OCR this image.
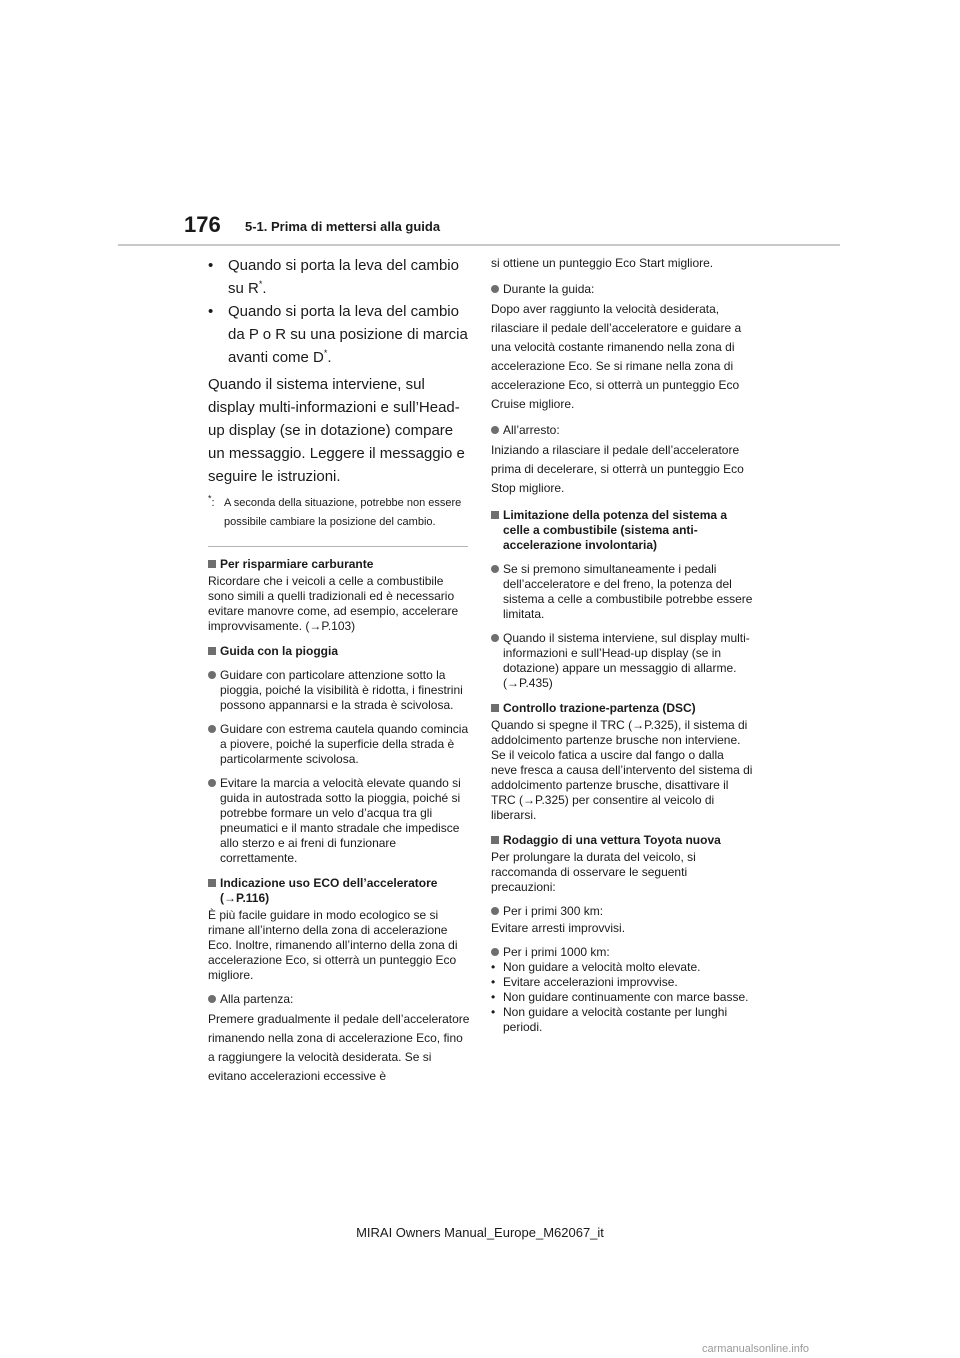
176 5-1. Prima di mettersi alla guida
• Quando si porta la leva del cambio su R*.
• Quando si porta la leva del cambio da P o R su una posizione di marcia avanti come D*.

Quando il sistema interviene, sul display multi-informazioni e sull’Head-up display (se in dotazione) compare un messaggio. Leggere il messaggio e seguire le istruzioni.

*: A seconda della situazione, potrebbe non essere possibile cambiare la posizione del cambio.
Per risparmiare carburante
Ricordare che i veicoli a celle a combustibile sono simili a quelli tradizionali ed è necessario evitare manovre come, ad esempio, accelerare improvvisamente. (→P.103)
Guida con la pioggia
Guidare con particolare attenzione sotto la pioggia, poiché la visibilità è ridotta, i finestrini possono appannarsi e la strada è scivolosa.
Guidare con estrema cautela quando comincia a piovere, poiché la superficie della strada è particolarmente scivolosa.
Evitare la marcia a velocità elevate quando si guida in autostrada sotto la pioggia, poiché si potrebbe formare un velo d’acqua tra gli pneumatici e il manto stradale che impedisce allo sterzo e ai freni di funzionare correttamente.
Indicazione uso ECO dell’acceleratore (→P.116)
È più facile guidare in modo ecologico se si rimane all’interno della zona di accelerazione Eco. Inoltre, rimanendo all’interno della zona di accelerazione Eco, si otterrà un punteggio Eco migliore.
Alla partenza:
Premere gradualmente il pedale dell’acceleratore rimanendo nella zona di accelerazione Eco, fino a raggiungere la velocità desiderata. Se si evitano accelerazioni eccessive è
si ottiene un punteggio Eco Start migliore.
Durante la guida:
Dopo aver raggiunto la velocità desiderata, rilasciare il pedale dell’acceleratore e guidare a una velocità costante rimanendo nella zona di accelerazione Eco. Se si rimane nella zona di accelerazione Eco, si otterrà un punteggio Eco Cruise migliore.
All’arresto:
Iniziando a rilasciare il pedale dell’acceleratore prima di decelerare, si otterrà un punteggio Eco Stop migliore.
Limitazione della potenza del sistema a celle a combustibile (sistema anti-accelerazione involontaria)
Se si premono simultaneamente i pedali dell’acceleratore e del freno, la potenza del sistema a celle a combustibile potrebbe essere limitata.
Quando il sistema interviene, sul display multi-informazioni e sull’Head-up display (se in dotazione) appare un messaggio di allarme. (→P.435)
Controllo trazione-partenza (DSC)
Quando si spegne il TRC (→P.325), il sistema di addolcimento partenze brusche non interviene. Se il veicolo fatica a uscire dal fango o dalla neve fresca a causa dell’intervento del sistema di addolcimento partenze brusche, disattivare il TRC (→P.325) per consentire al veicolo di liberarsi.
Rodaggio di una vettura Toyota nuova
Per prolungare la durata del veicolo, si raccomanda di osservare le seguenti precauzioni:
Per i primi 300 km:
Evitare arresti improvvisi.
Per i primi 1000 km:
• Non guidare a velocità molto elevate.
• Evitare accelerazioni improvvise.
• Non guidare continuamente con marce basse.
• Non guidare a velocità costante per lunghi periodi.
MIRAI Owners Manual_Europe_M62067_it
carmanualsonline.info
